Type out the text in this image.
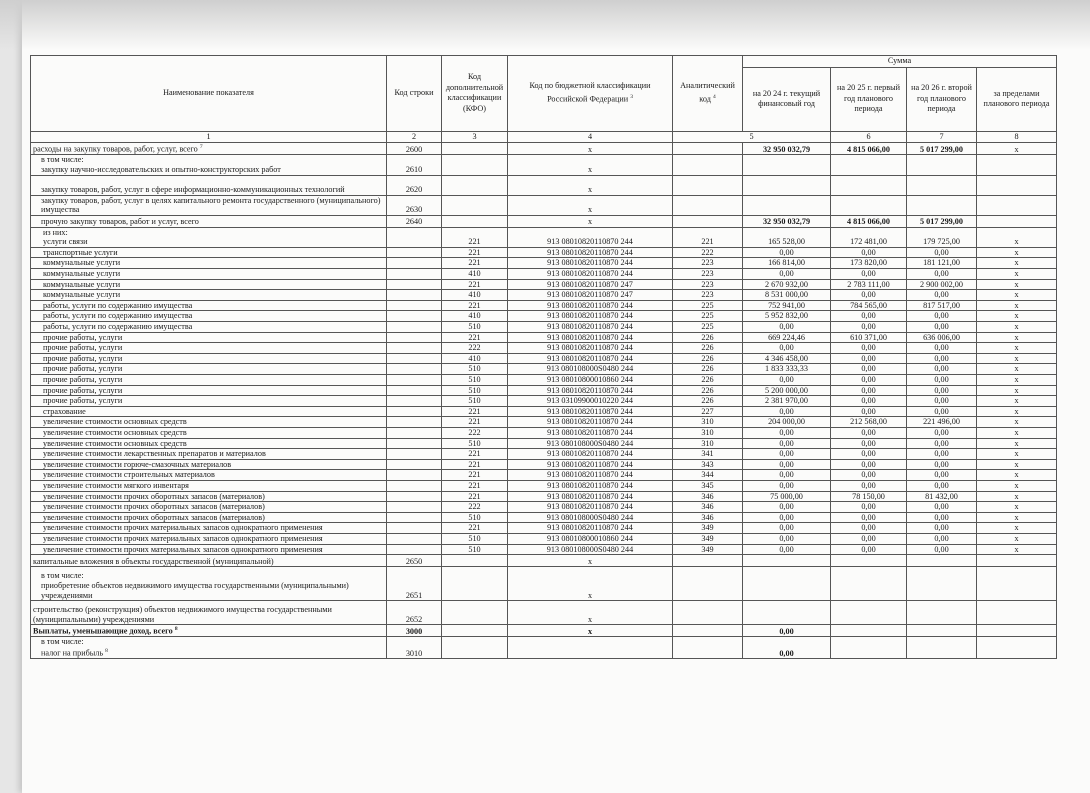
Наименование показателя	Код строки	Код дополнительной классификации (КФО)	Код по бюджетной классификации Российской Федерации $^3$	Аналитический код $^4$	Сумма			
					на 20 24 г. текущий финансовый год	на 20 25 г. первый год планового периода	на 20 26 г. второй год планового периода	за пределами планового периода
1	2	3	4	5		6	7	8
расходы на закупку товаров, работ, услуг, всего $^7$	2600		x		32 950 032,79	4 815 066,00	5 017 299,00	x

в том числе:
закупку научно-исследовательских и опытно-конструкторских работ	2610		x					
закупку товаров, работ, услуг в сфере информационно-коммуникационных технологий	2620		x					
закупку товаров, работ, услуг в целях капитального ремонта государственного (муниципального) имущества	2630		x					
прочую закупку товаров, работ и услуг, всего	2640		x		32 950 032,79	4 815 066,00	5 017 299,00	

из них:
услуги связи		221	913 08010820110870 244	221	165 528,00	172 481,00	179 725,00	x
транспортные услуги		221	913 08010820110870 244	222	0,00	0,00	0,00	x
коммунальные услуги		221	913 08010820110870 244	223	166 814,00	173 820,00	181 121,00	x
коммунальные услуги		410	913 08010820110870 244	223	0,00	0,00	0,00	x
коммунальные услуги		221	913 08010820110870 247	223	2 670 932,00	2 783 111,00	2 900 002,00	x
коммунальные услуги		410	913 08010820110870 247	223	8 531 000,00	0,00	0,00	x
работы, услуги по содержанию имущества		221	913 08010820110870 244	225	752 941,00	784 565,00	817 517,00	x
работы, услуги по содержанию имущества		410	913 08010820110870 244	225	5 952 832,00	0,00	0,00	x
работы, услуги по содержанию имущества		510	913 08010820110870 244	225	0,00	0,00	0,00	x
прочие работы, услуги		221	913 08010820110870 244	226	669 224,46	610 371,00	636 006,00	x
прочие работы, услуги		222	913 08010820110870 244	226	0,00	0,00	0,00	x
прочие работы, услуги		410	913 08010820110870 244	226	4 346 458,00	0,00	0,00	x
прочие работы, услуги		510	913 080108000S0480 244	226	1 833 333,33	0,00	0,00	x
прочие работы, услуги		510	913 08010800010860 244	226	0,00	0,00	0,00	x
прочие работы, услуги		510	913 08010820110870 244	226	5 200 000,00	0,00	0,00	x
прочие работы, услуги		510	913 03109900010220 244	226	2 381 970,00	0,00	0,00	x
страхование		221	913 08010820110870 244	227	0,00	0,00	0,00	x
увеличение стоимости основных средств		221	913 08010820110870 244	310	204 000,00	212 568,00	221 496,00	x
увеличение стоимости основных средств		222	913 08010820110870 244	310	0,00	0,00	0,00	x
увеличение стоимости основных средств		510	913 080108000S0480 244	310	0,00	0,00	0,00	x
увеличение стоимости лекарственных препаратов и материалов		221	913 08010820110870 244	341	0,00	0,00	0,00	x
увеличение стоимости горюче-смазочных материалов		221	913 08010820110870 244	343	0,00	0,00	0,00	x
увеличение стоимости строительных материалов		221	913 08010820110870 244	344	0,00	0,00	0,00	x
увеличение стоимости мягкого инвентаря		221	913 08010820110870 244	345	0,00	0,00	0,00	x
увеличение стоимости прочих оборотных запасов (материалов)		221	913 08010820110870 244	346	75 000,00	78 150,00	81 432,00	x
увеличение стоимости прочих оборотных запасов (материалов)		222	913 08010820110870 244	346	0,00	0,00	0,00	x
увеличение стоимости прочих оборотных запасов (материалов)		510	913 080108000S0480 244	346	0,00	0,00	0,00	x
увеличение стоимости прочих материальных запасов однократного применения		221	913 08010820110870 244	349	0,00	0,00	0,00	x
увеличение стоимости прочих материальных запасов однократного применения		510	913 08010800010860 244	349	0,00	0,00	0,00	x
увеличение стоимости прочих материальных запасов однократного применения		510	913 080108000S0480 244	349	0,00	0,00	0,00	x
капитальные вложения в объекты государственной (муниципальной)	2650		x					

в том числе:
приобретение объектов недвижимого имущества государственными (муниципальными) учреждениями	2651		x					
строительство (реконструкция) объектов недвижимого имущества государственными (муниципальными) учреждениями	2652		x					
Выплаты, уменьшающие доход, всего $^8$	3000		x		0,00			

в том числе:
налог на прибыль $^8$	3010				0,00			
